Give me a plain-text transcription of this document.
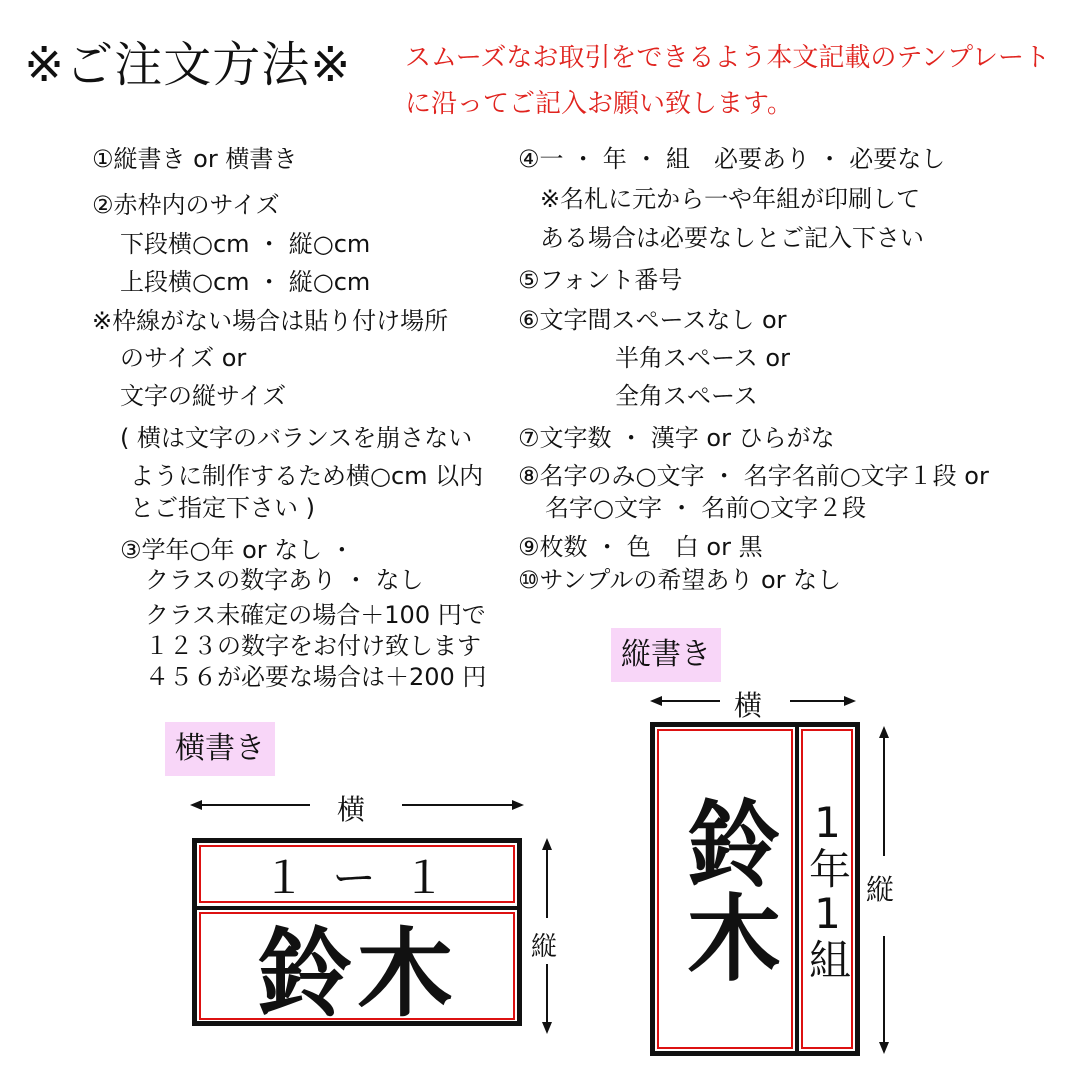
※ご注文方法※ スムーズなお取引をできるよう本文記載のテンプレートに沿ってご記入お願い致します。
①縦書き or 横書き
②赤枠内のサイズ
下段横○cm ・ 縦○cm
上段横○cm ・ 縦○cm
※枠線がない場合は貼り付け場所
のサイズ or
文字の縦サイズ
( 横は文字のバランスを崩さない
ように制作するため横○cm 以内
とご指定下さい )
③学年○年 or なし ・
クラスの数字あり ・ なし
クラス未確定の場合＋100 円で
１２３の数字をお付け致します
４５６が必要な場合は＋200 円
④一 ・ 年 ・ 組　必要あり ・ 必要なし
※名札に元から一や年組が印刷して
ある場合は必要なしとご記入下さい
⑤フォント番号
⑥文字間スペースなし or
半角スペース or
全角スペース
⑦文字数 ・ 漢字 or ひらがな
⑧名字のみ○文字 ・ 名字名前○文字１段 or
名字○文字 ・ 名前○文字２段
⑨枚数 ・ 色　白 or 黒
⑩サンプルの希望あり or なし
横書き
横
１ ー １
鈴木	縦
縦書き
横
鈴木 1年1組 縦
